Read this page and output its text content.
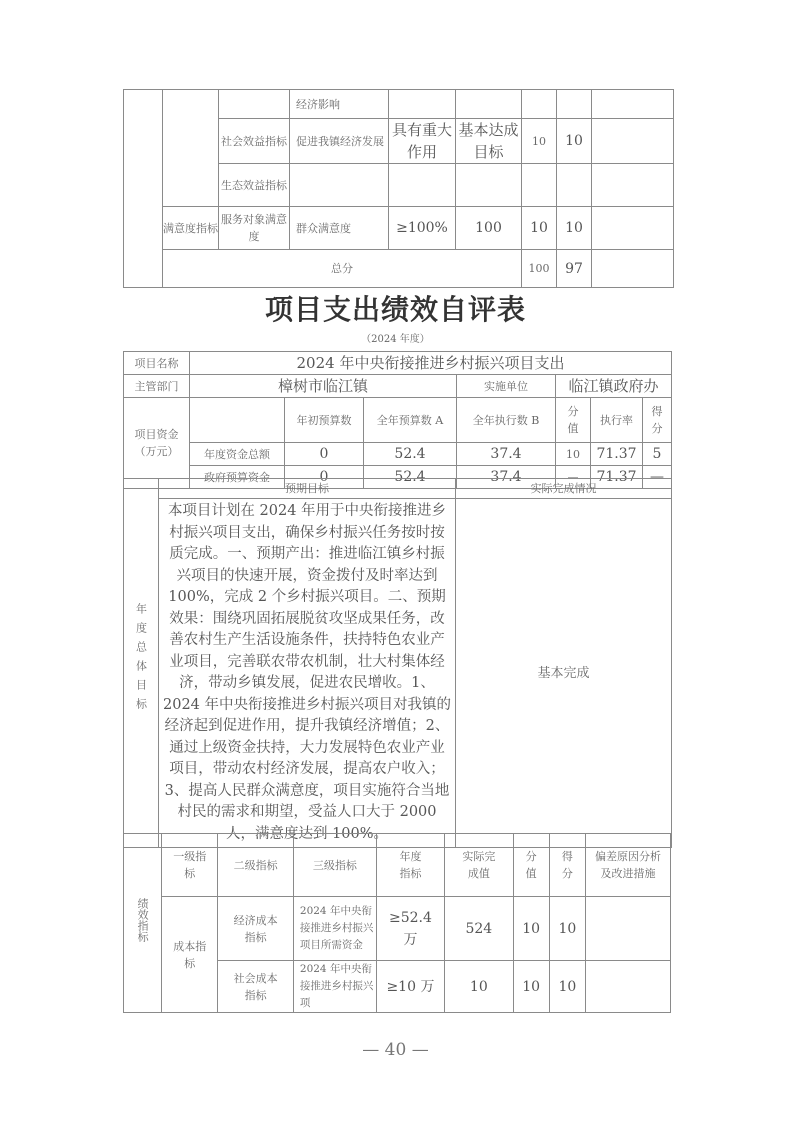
			经济影响					
		社会效益指标	促进我镇经济发展	具有重大作用	基本达成目标	10	10	
		生态效益指标						
	满意度指标	服务对象满意度	群众满意度	≥100%	100	10	10	
	总分					100	97	
项目支出绩效自评表
（2024 年度）
项目名称	2024 年中央衔接推进乡村振兴项目支出						
主管部门	樟树市临江镇			实施单位	临江镇政府办		
项目资金（万元）		年初预算数	全年预算数 A	全年执行数 B	分值	执行率	得分
	年度资金总额	0	52.4	37.4	10	71.37	5
	政府预算资金	0	52.4	37.4	—	71.37	—
年度总体目标	预期目标	实际完成情况
	本项目计划在 2024 年用于中央衔接推进乡村振兴项目支出，确保乡村振兴任务按时按质完成。一、预期产出：推进临江镇乡村振兴项目的快速开展，资金拨付及时率达到100%，完成 2 个乡村振兴项目。二、预期效果：围绕巩固拓展脱贫攻坚成果任务，改善农村生产生活设施条件，扶持特色农业产业项目，完善联农带农机制，壮大村集体经济，带动乡镇发展，促进农民增收。1、2024 年中央衔接推进乡村振兴项目对我镇的经济起到促进作用，提升我镇经济增值；2、通过上级资金扶持，大力发展特色农业产业项目，带动农村经济发展，提高农户收入；3、提高人民群众满意度，项目实施符合当地村民的需求和期望，受益人口大于 2000 人，满意度达到 100%。	基本完成
绩效指标	一级指标	二级指标	三级指标	年度指标	实际完成值	分值	得分	偏差原因分析及改进措施
	成本指标	经济成本指标	2024 年中央衔接推进乡村振兴项目所需资金	≥52.4 万	524	10	10	
		社会成本指标	2024 年中央衔接推进乡村振兴项	≥10 万	10	10	10	
— 40 —
